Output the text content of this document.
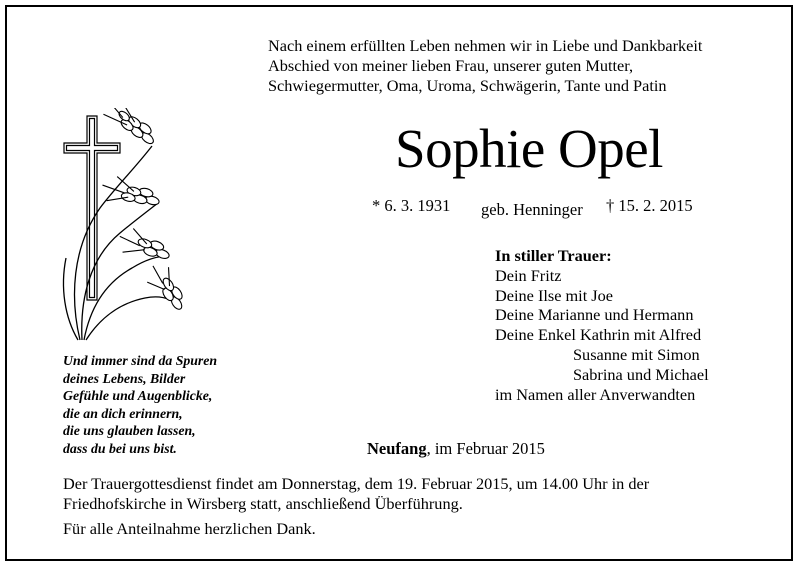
Nach einem erfüllten Leben nehmen wir in Liebe und Dankbarkeit
Abschied von meiner lieben Frau, unserer guten Mutter,
Schwiegermutter, Oma, Uroma, Schwägerin, Tante und Patin
Sophie Opel
* 6. 3. 1931 geb. Henninger † 15. 2. 2015
In stiller Trauer:
Dein Fritz
Deine Ilse mit Joe
Deine Marianne und Hermann
Deine Enkel Kathrin mit Alfred
Susanne mit Simon
Sabrina und Michael
im Namen aller Anverwandten
Und immer sind da Spuren
deines Lebens, Bilder
Gefühle und Augenblicke,
die an dich erinnern,
die uns glauben lassen,
dass du bei uns bist.	Neufang, im Februar 2015
Der Trauergottesdienst findet am Donnerstag, dem 19. Februar 2015, um 14.00 Uhr in der
Friedhofskirche in Wirsberg statt, anschließend Überführung.
Für alle Anteilnahme herzlichen Dank.
